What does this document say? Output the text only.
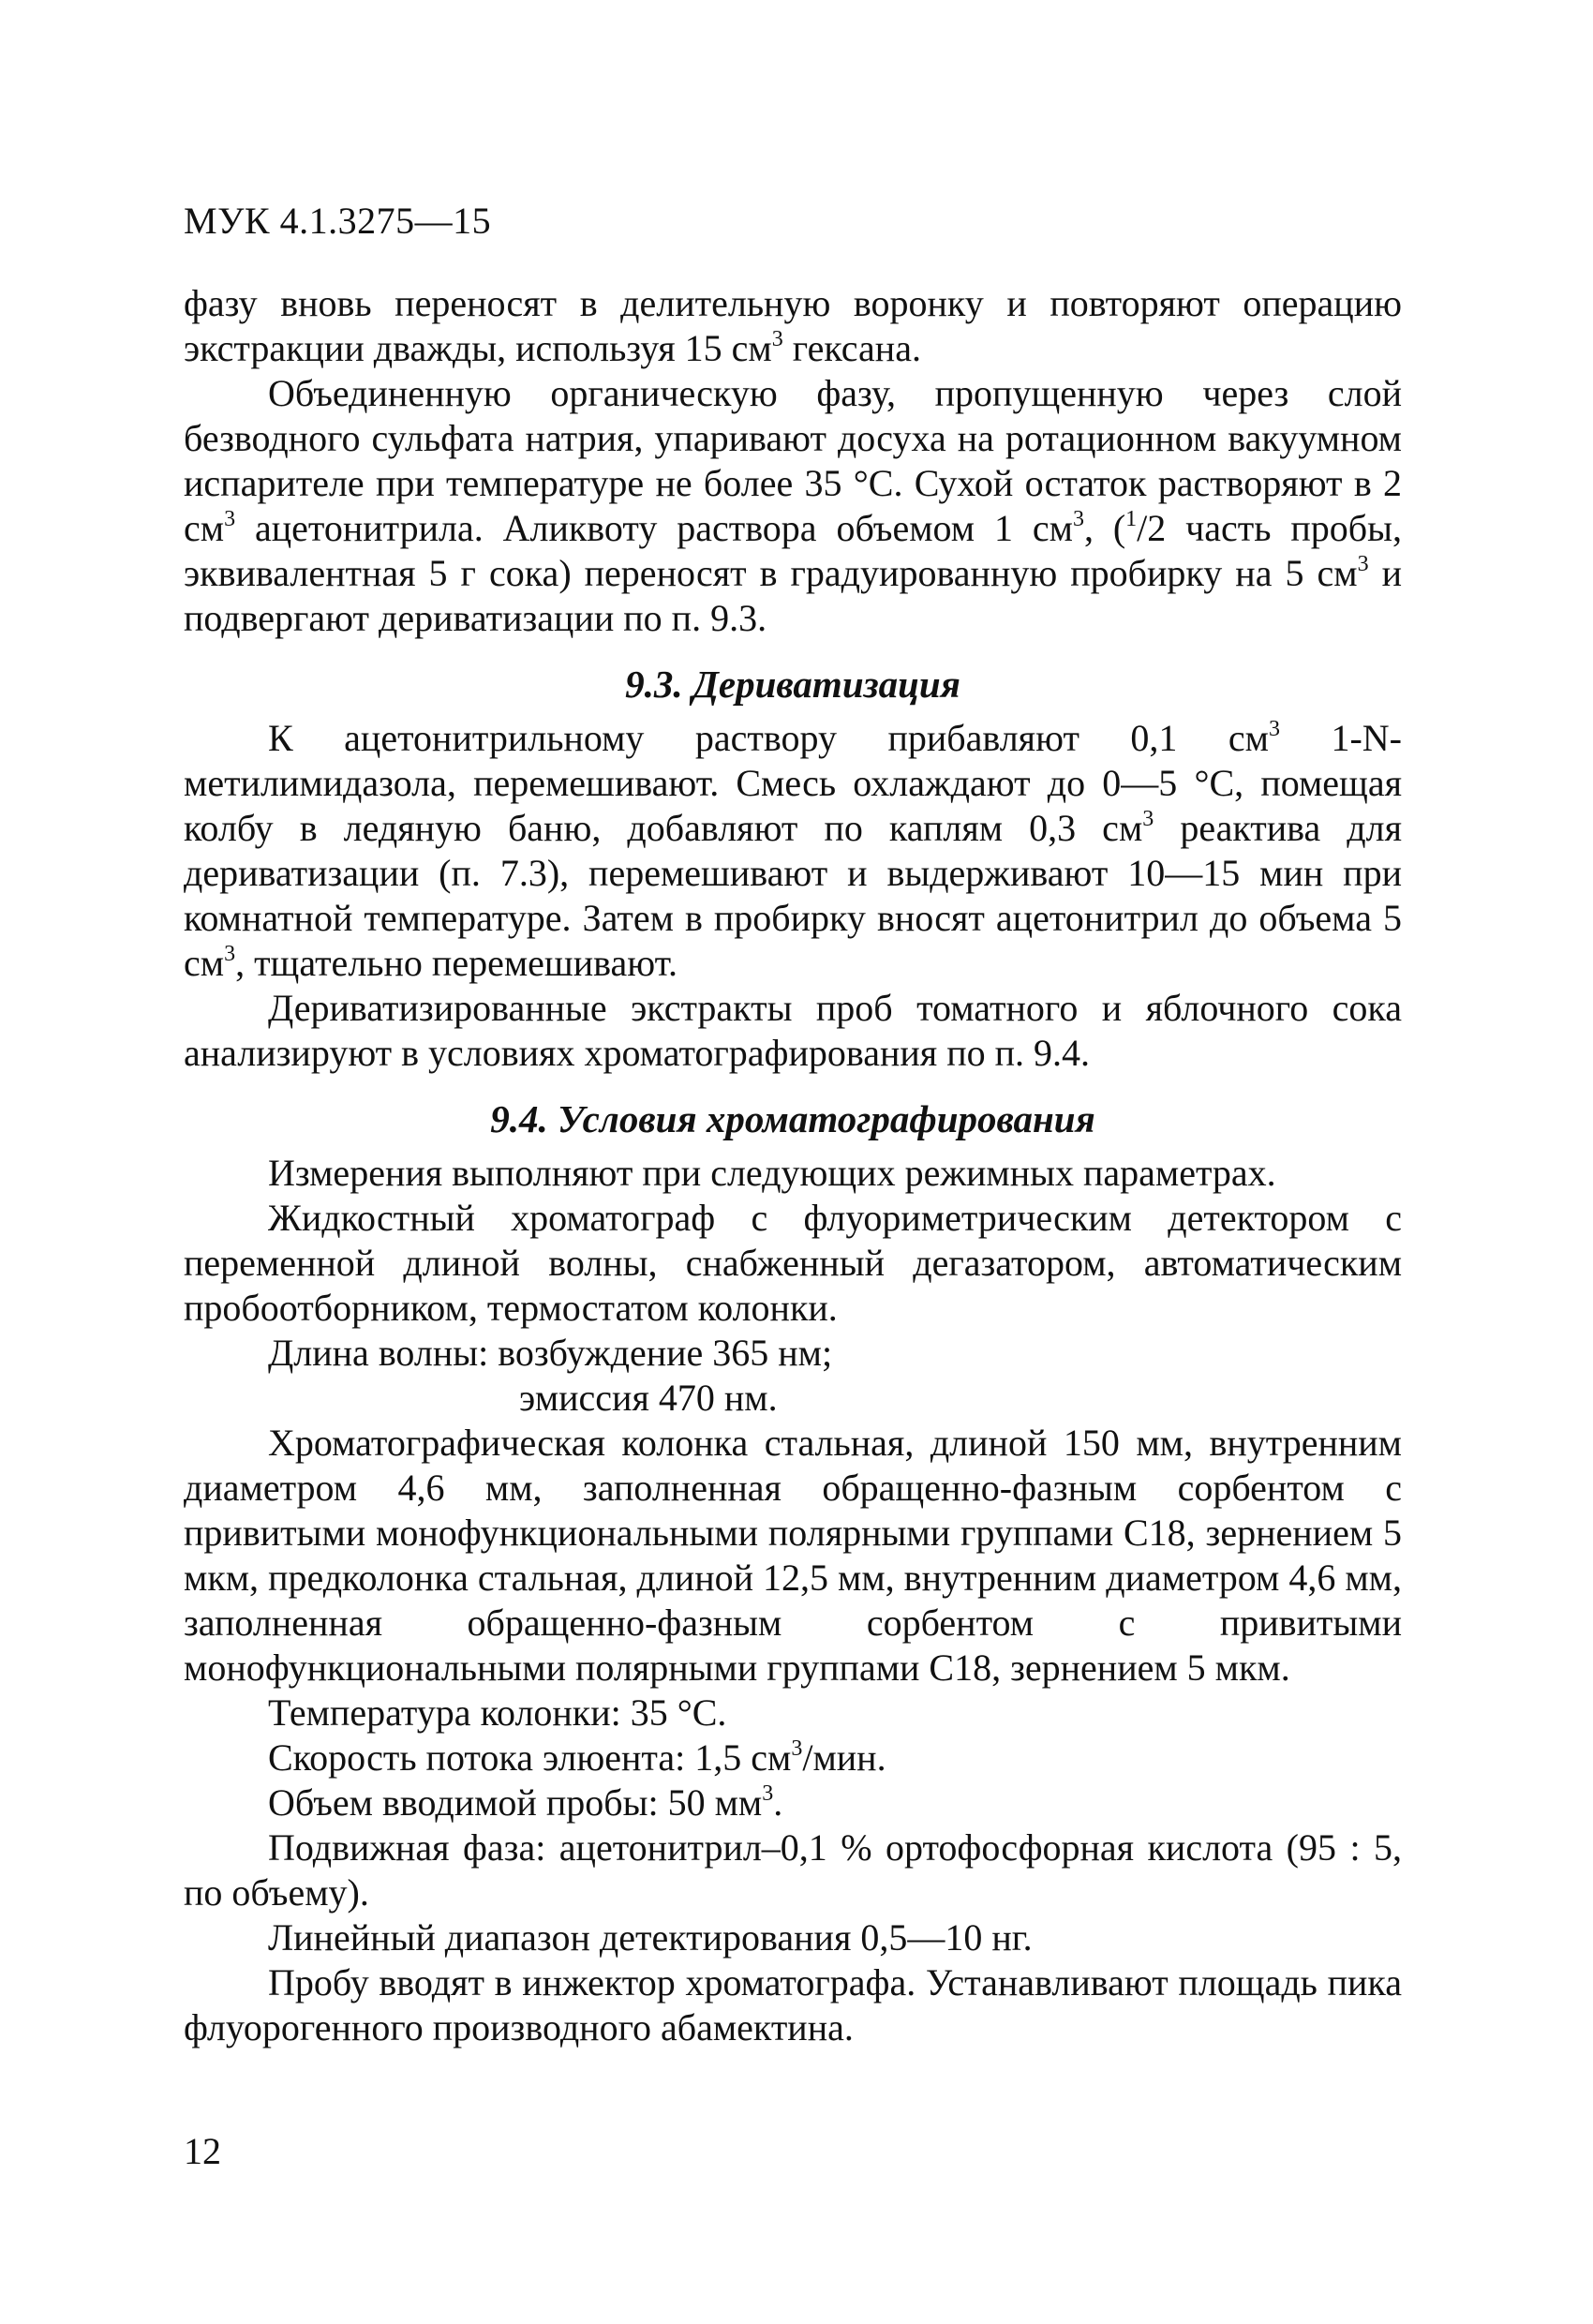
МУК 4.1.3275—15

фазу вновь переносят в делительную воронку и повторяют операцию экстракции дважды, используя 15 $см^3$ гексана.

Объединенную органическую фазу, пропущенную через слой безводного сульфата натрия, упаривают досуха на ротационном вакуумном испарителе при температуре не более 35 °C. Сухой остаток растворяют в 2 $см^3$ ацетонитрила. Аликвоту раствора объемом 1 $см^3$, ($^1$/2 часть пробы, эквивалентная 5 г сока) переносят в градуированную пробирку на 5 $см^3$ и подвергают дериватизации по п. 9.3.

9.3. Дериватизация

К ацетонитрильному раствору прибавляют 0,1 $см^3$ 1-N-метилимидазола, перемешивают. Смесь охлаждают до 0—5 °C, помещая колбу в ледяную баню, добавляют по каплям 0,3 $см^3$ реактива для дериватизации (п. 7.3), перемешивают и выдерживают 10—15 мин при комнатной температуре. Затем в пробирку вносят ацетонитрил до объема 5 $см^3$, тщательно перемешивают.

Дериватизированные экстракты проб томатного и яблочного сока анализируют в условиях хроматографирования по п. 9.4.

9.4. Условия хроматографирования

Измерения выполняют при следующих режимных параметрах.

Жидкостный хроматограф с флуориметрическим детектором с переменной длиной волны, снабженный дегазатором, автоматическим пробоотборником, термостатом колонки.

Длина волны: возбуждение 365 нм;

эмиссия 470 нм.

Хроматографическая колонка стальная, длиной 150 мм, внутренним диаметром 4,6 мм, заполненная обращенно-фазным сорбентом с привитыми монофункциональными полярными группами C18, зернением 5 мкм, предколонка стальная, длиной 12,5 мм, внутренним диаметром 4,6 мм, заполненная обращенно-фазным сорбентом с привитыми монофункциональными полярными группами C18, зернением 5 мкм.

Температура колонки: 35 °C.

Скорость потока элюента: 1,5 $см^3$/мин.

Объем вводимой пробы: 50 $мм^3$.

Подвижная фаза: ацетонитрил–0,1 % ортофосфорная кислота (95 : 5, по объему).

Линейный диапазон детектирования 0,5—10 нг.

Пробу вводят в инжектор хроматографа. Устанавливают площадь пика флуорогенного производного абамектина.

12
